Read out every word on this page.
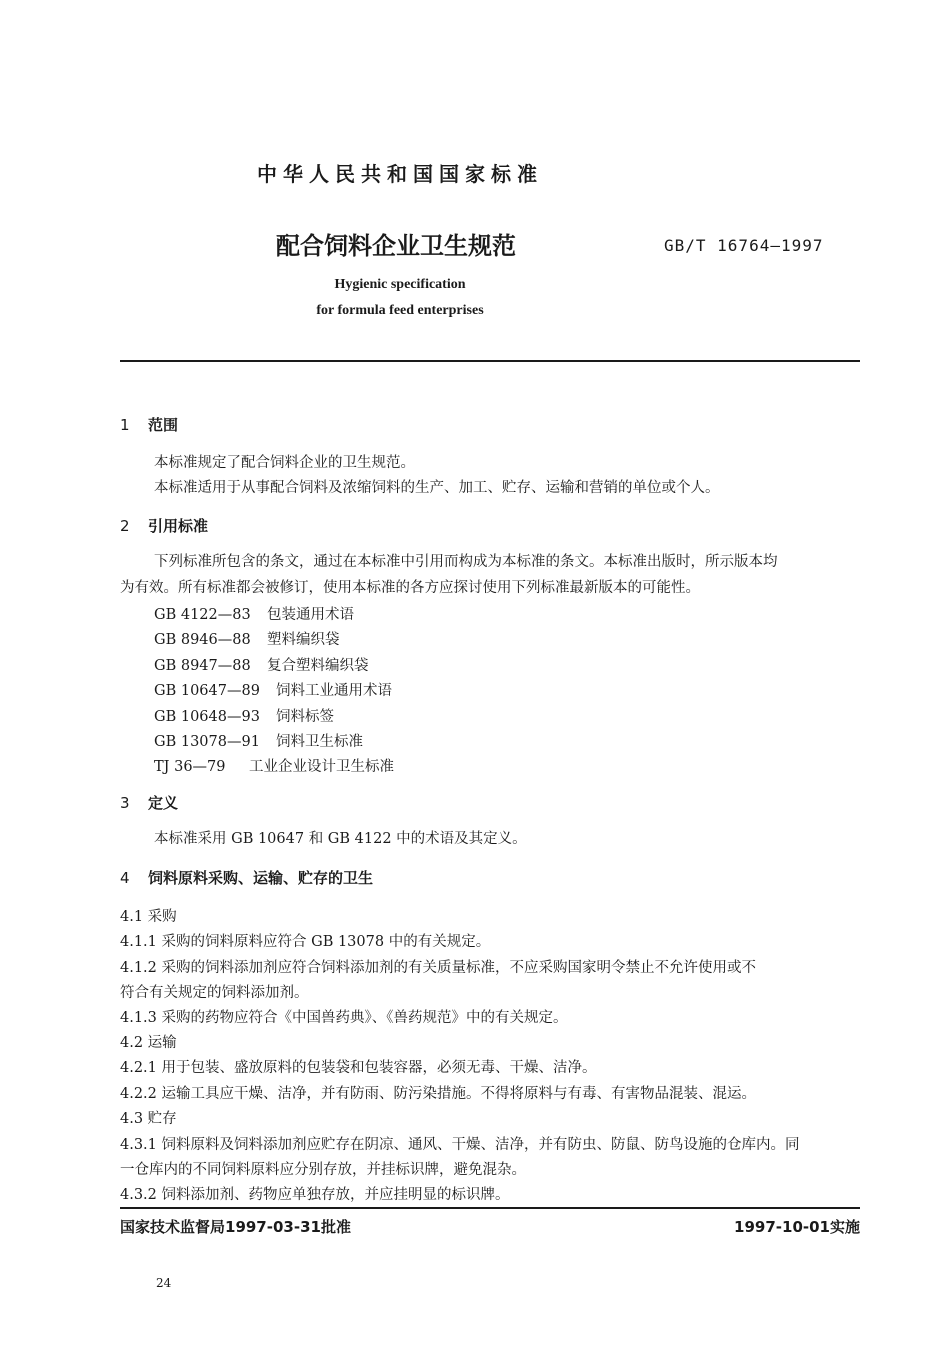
中华人民共和国国家标准
配合饲料企业卫生规范	GB/T 16764—1997
Hygienic specification
for formula feed enterprises
1 范围
本标准规定了配合饲料企业的卫生规范。
本标准适用于从事配合饲料及浓缩饲料的生产、加工、贮存、运输和营销的单位或个人。
2 引用标准
下列标准所包含的条文，通过在本标准中引用而构成为本标准的条文。本标准出版时，所示版本均
为有效。所有标准都会被修订，使用本标准的各方应探讨使用下列标准最新版本的可能性。
GB 4122—83 包装通用术语
GB 8946—88 塑料编织袋
GB 8947—88 复合塑料编织袋
GB 10647—89 饲料工业通用术语
GB 10648—93 饲料标签
GB 13078—91 饲料卫生标准
TJ 36—79 工业企业设计卫生标准
3 定义
本标准采用 GB 10647 和 GB 4122 中的术语及其定义。
4 饲料原料采购、运输、贮存的卫生
4.1 采购
4.1.1 采购的饲料原料应符合 GB 13078 中的有关规定。
4.1.2 采购的饲料添加剂应符合饲料添加剂的有关质量标准，不应采购国家明令禁止不允许使用或不
符合有关规定的饲料添加剂。
4.1.3 采购的药物应符合《中国兽药典》、《兽药规范》中的有关规定。
4.2 运输
4.2.1 用于包装、盛放原料的包装袋和包装容器，必须无毒、干燥、洁净。
4.2.2 运输工具应干燥、洁净，并有防雨、防污染措施。不得将原料与有毒、有害物品混装、混运。
4.3 贮存
4.3.1 饲料原料及饲料添加剂应贮存在阴凉、通风、干燥、洁净，并有防虫、防鼠、防鸟设施的仓库内。同
一仓库内的不同饲料原料应分别存放，并挂标识牌，避免混杂。
4.3.2 饲料添加剂、药物应单独存放，并应挂明显的标识牌。
国家技术监督局1997-03-31批准	1997-10-01实施
24
